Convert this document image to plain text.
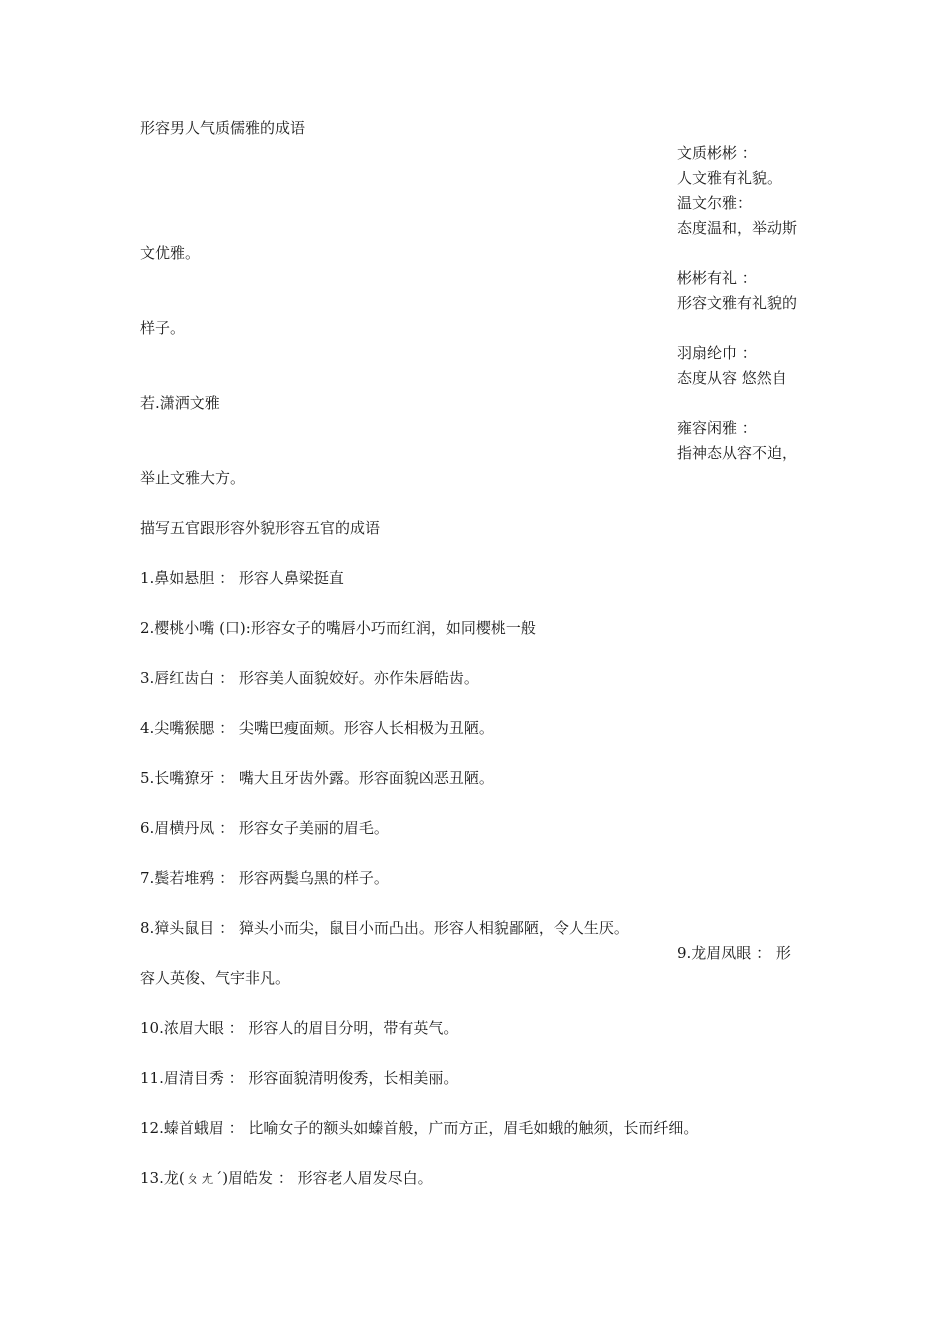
形容男人气质儒雅的成语

文质彬彬 ：

人文雅有礼貌。

温文尔雅：

态度温和，举动斯

文优雅。

彬彬有礼 ：

形容文雅有礼貌的

样子。

羽扇纶巾 ：

态度从容 悠然自

若.潇洒文雅

雍容闲雅 ：

指神态从容不迫，

举止文雅大方。

描写五官跟形容外貌形容五官的成语

1.鼻如悬胆 ： 形容人鼻梁挺直

2.樱桃小嘴 (口):形容女子的嘴唇小巧而红润，如同樱桃一般

3.唇红齿白 ： 形容美人面貌姣好。亦作朱唇皓齿。

4.尖嘴猴腮 ： 尖嘴巴瘦面颊。形容人长相极为丑陋。

5.长嘴獠牙 ： 嘴大且牙齿外露。形容面貌凶恶丑陋。

6.眉横丹凤 ： 形容女子美丽的眉毛。

7.鬓若堆鸦 ： 形容两鬓乌黑的样子。

8.獐头鼠目 ： 獐头小而尖，鼠目小而凸出。形容人相貌鄙陋，令人生厌。

9.龙眉凤眼 ： 形

容人英俊、气宇非凡。

10.浓眉大眼 ： 形容人的眉目分明，带有英气。

11.眉清目秀 ： 形容面貌清明俊秀，长相美丽。

12.螓首蛾眉 ： 比喻女子的额头如螓首般，广而方正，眉毛如蛾的触须，长而纤细。

13.龙(ㄆㄤˊ)眉皓发 ： 形容老人眉发尽白。
